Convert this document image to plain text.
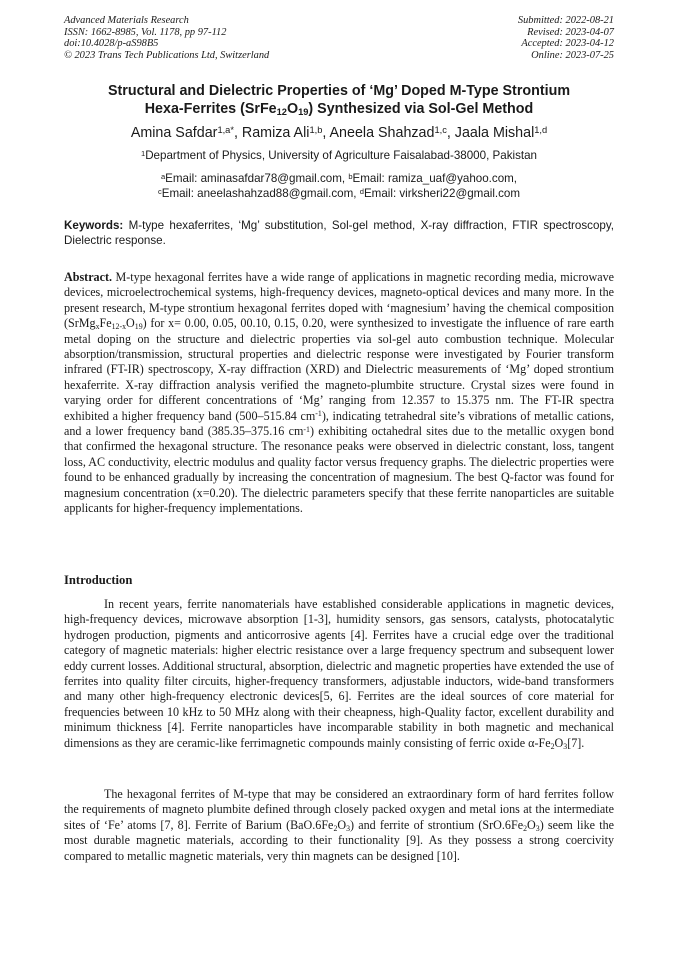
Advanced Materials Research
ISSN: 1662-8985, Vol. 1178, pp 97-112
doi:10.4028/p-aS98B5
© 2023 Trans Tech Publications Ltd, Switzerland
Submitted: 2022-08-21
Revised: 2023-04-07
Accepted: 2023-04-12
Online: 2023-07-25
Structural and Dielectric Properties of ‘Mg’ Doped M-Type Strontium
Hexa-Ferrites $(SrFe_{12}O_{19})$ Synthesized via Sol-Gel Method
Amina Safdar$^{1,a*}$, Ramiza Ali$^{1,b}$, Aneela Shahzad$^{1,c}$, Jaala Mishal$^{1,d}$
$^1$Department of Physics, University of Agriculture Faisalabad-38000, Pakistan
$^a$Email: aminasafdar78@gmail.com, $^b$Email: ramiza_uaf@yahoo.com,
$^c$Email: aneelashahzad88@gmail.com, $^d$Email: virksheri22@gmail.com
Keywords: M-type hexaferrites, ‘Mg’ substitution, Sol-gel method, X-ray diffraction, FTIR spectroscopy, Dielectric response.

Abstract. M-type hexagonal ferrites have a wide range of applications in magnetic recording media, microwave devices, microelectrochemical systems, high-frequency devices, magneto-optical devices and many more. In the present research, M-type strontium hexagonal ferrites doped with ‘magnesium’ having the chemical composition $(SrMg_xFe_{12-x}O_{19})$ for x= 0.00, 0.05, 00.10, 0.15, 0.20, were synthesized to investigate the influence of rare earth metal doping on the structure and dielectric properties via sol-gel auto combustion technique. Molecular absorption/transmission, structural properties and dielectric response were investigated by Fourier transform infrared (FT-IR) spectroscopy, X-ray diffraction (XRD) and Dielectric measurements of ‘Mg’ doped strontium hexaferrite. X-ray diffraction analysis verified the magneto-plumbite structure. Crystal sizes were found in varying order for different concentrations of ‘Mg’ ranging from 12.357 to 15.375 nm. The FT-IR spectra exhibited a higher frequency band (500–515.84 $cm^{-1}$), indicating tetrahedral site’s vibrations of metallic cations, and a lower frequency band (385.35–375.16 $cm^{-1}$) exhibiting octahedral sites due to the metallic oxygen bond that confirmed the hexagonal structure. The resonance peaks were observed in dielectric constant, loss, tangent loss, AC conductivity, electric modulus and quality factor versus frequency graphs. The dielectric properties were found to be enhanced gradually by increasing the concentration of magnesium. The best Q-factor was found for magnesium concentration (x=0.20). The dielectric parameters specify that these ferrite nanoparticles are suitable applicants for higher-frequency implementations.

Introduction

In recent years, ferrite nanomaterials have established considerable applications in magnetic devices, high-frequency devices, microwave absorption [1-3], humidity sensors, gas sensors, catalysts, photocatalytic hydrogen production, pigments and anticorrosive agents [4]. Ferrites have a crucial edge over the traditional category of magnetic materials: higher electric resistance over a large frequency spectrum and subsequent lower eddy current losses. Additional structural, absorption, dielectric and magnetic properties have extended the use of ferrites into quality filter circuits, higher-frequency transformers, adjustable inductors, wide-band transformers and many other high-frequency electronic devices[5, 6]. Ferrites are the ideal sources of core material for frequencies between 10 kHz to 50 MHz along with their cheapness, high-Quality factor, excellent durability and minimum thickness [4]. Ferrite nanoparticles have incomparable stability in both magnetic and mechanical dimensions as they are ceramic-like ferrimagnetic compounds mainly consisting of ferric oxide $\alpha-Fe_2O_3[7]$.

The hexagonal ferrites of M-type that may be considered an extraordinary form of hard ferrites follow the requirements of magneto plumbite defined through closely packed oxygen and metal ions at the intermediate sites of ‘Fe’ atoms [7, 8]. Ferrite of Barium $(BaO.6Fe_2O_3)$ and ferrite of strontium $(SrO.6Fe_2O_3)$ seem like the most durable magnetic materials, according to their functionality [9]. As they possess a strong coercivity compared to metallic magnetic materials, very thin magnets can be designed [10].
